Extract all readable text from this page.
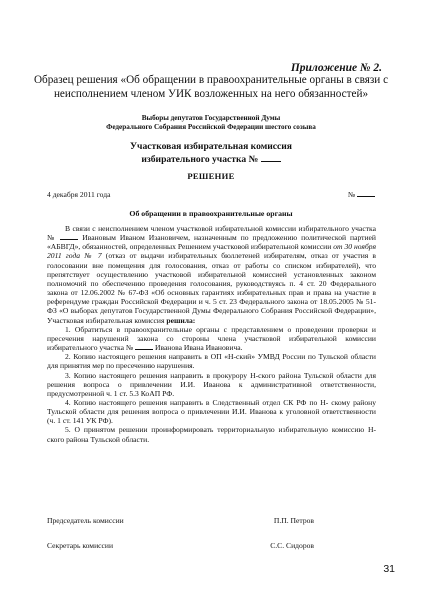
Приложение № 2.
Образец решения «Об обращении в правоохранительные органы в связи с неисполнением членом УИК возложенных на него обязанностей»
Выборы депутатов Государственной Думы
Федерального Собрания Российской Федерации шестого созыва
Участковая избирательная комиссия
избирательного участка №
РЕШЕНИЕ
4 декабря 2011 года	№
Об обращении в правоохранительные органы

В связи с неисполнением членом участковой избирательной комиссии избирательного участка №	Ивановым Иваном Изановичем, назначенным по предложению политической партией «АБВГД», обязанностей, определенных Решением участковой избирательной комиссии от 30 ноября 2011 года № 7 (отказ от выдачи избирательных бюллетеней избирателям, отказ от участия в голосовании вне помещения для голосования, отказ от работы со списком избирателей), что препятствует осуществлению участковой избирательной комиссией установленных законом полномочий по обеспечению проведения голосования, руководствуясь п. 4 ст. 20 Федерального закона от 12.06.2002 № 67-ФЗ «Об основных гарантиях избирательных прав и права на участие в референдуме граждан Российской Федерации и ч. 5 ст. 23 Федерального закона от 18.05.2005 № 51-ФЗ «О выборах депутатов Государственной Думы Федерального Собрания Российской Федерации», Участковая избирательная комиссия решила:

1. Обратиться в правоохранительные органы с представлением о проведении проверки и пресечения нарушений закона со стороны члена участковой избирательной комиссии избирательного участка №	Иванова Ивана Ивановича.

2. Копию настоящего решения направить в ОП «Н-ский» УМВД России по Тульской области для принятия мер по пресечению нарушения.

3. Копию настоящего решения направить в прокурору Н-ского района Тульской области для решения вопроса о привлечении И.И. Иванова к административной ответственности, предусмотренной ч. 1 ст. 5.3 КоАП РФ.

4. Копию настоящего решения направить в Следственный отдел СК РФ по Н- скому району Тульской области для решения вопроса о привлечении И.И. Иванова к уголовной ответственности (ч. 1 ст. 141 УК РФ).

5. О принятом решении проинформировать территориальную избирательную комиссию Н-ского района Тульской области.

Председатель комиссии	П.П. Петров
Секретарь комиссии	С.С. Сидоров
31
